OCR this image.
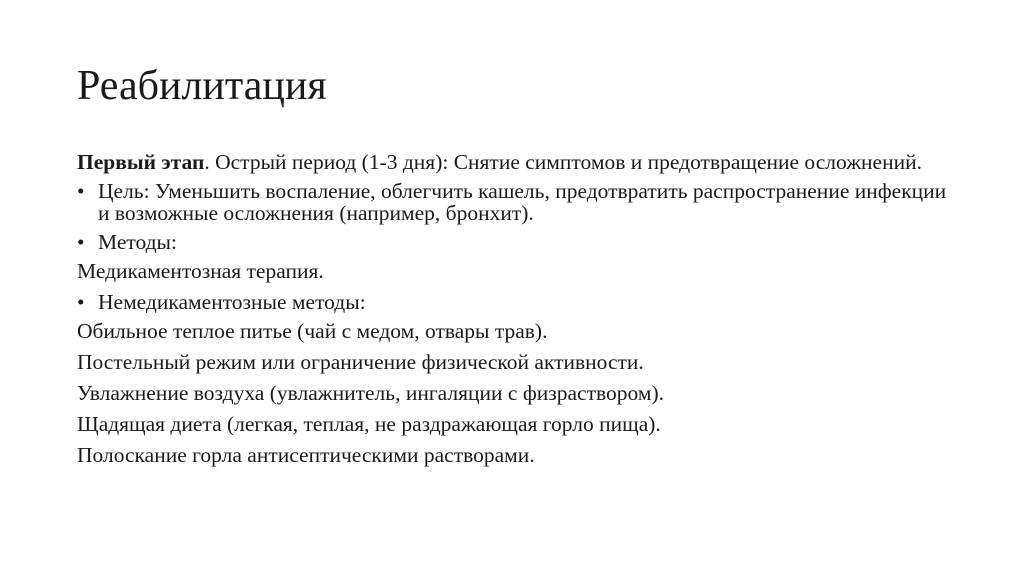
Реабилитация

Первый этап. Острый период (1-3 дня): Снятие симптомов и предотвращение осложнений.

• Цель: Уменьшить воспаление, облегчить кашель, предотвратить распространение инфекции и возможные осложнения (например, бронхит).
• Методы:

Медикаментозная терапия.

• Немедикаментозные методы:

Обильное теплое питье (чай с медом, отвары трав).

Постельный режим или ограничение физической активности.

Увлажнение воздуха (увлажнитель, ингаляции с физраствором).

Щадящая диета (легкая, теплая, не раздражающая горло пища).

Полоскание горла антисептическими растворами.
